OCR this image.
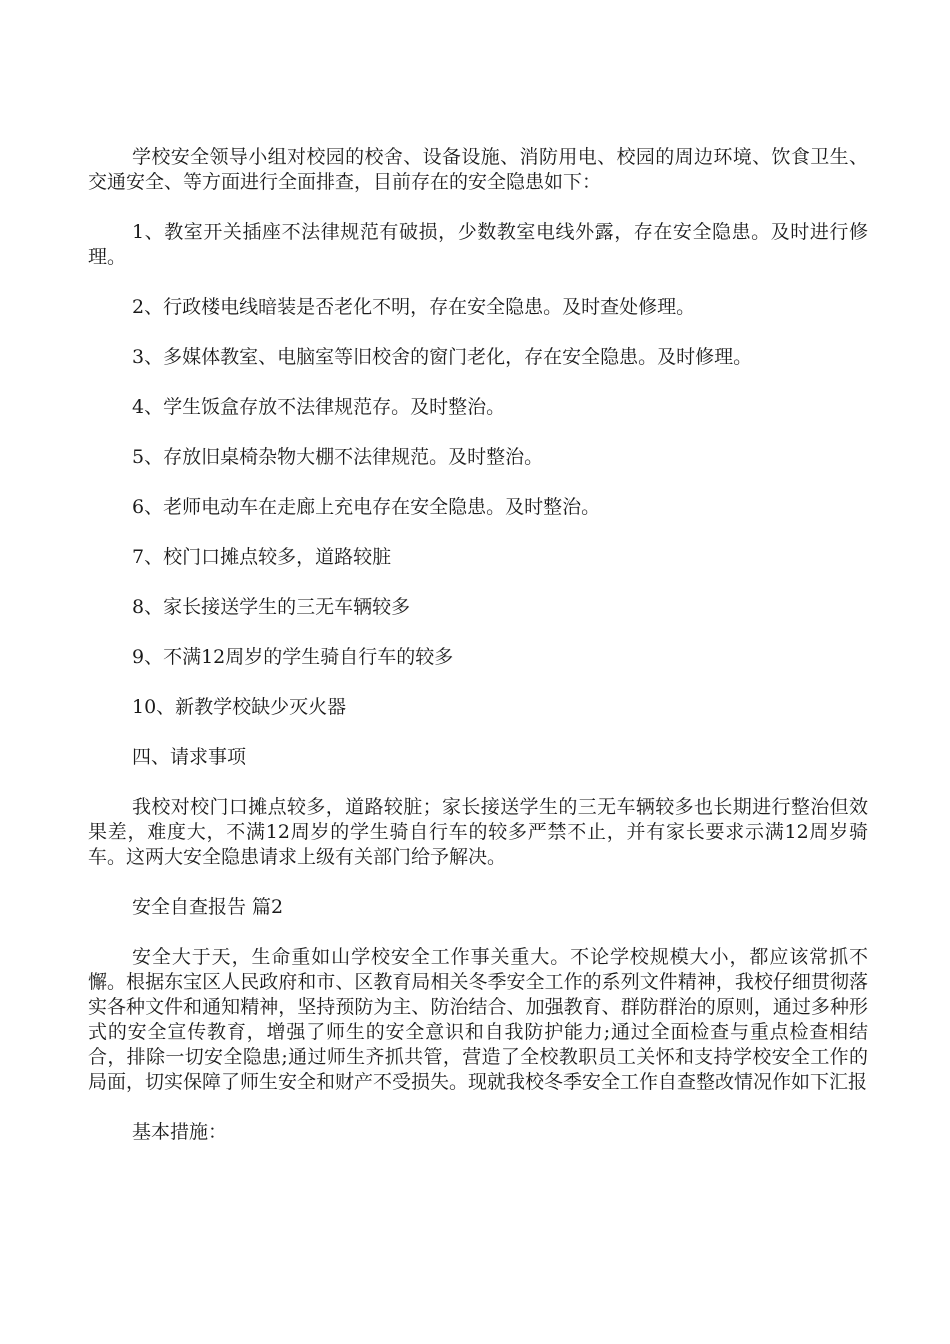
学校安全领导小组对校园的校舍、设备设施、消防用电、校园的周边环境、饮食卫生、交通安全、等方面进行全面排查，目前存在的安全隐患如下：

1、教室开关插座不法律规范有破损，少数教室电线外露，存在安全隐患。及时进行修理。

2、行政楼电线暗装是否老化不明，存在安全隐患。及时查处修理。

3、多媒体教室、电脑室等旧校舍的窗门老化，存在安全隐患。及时修理。

4、学生饭盒存放不法律规范存。及时整治。

5、存放旧桌椅杂物大棚不法律规范。及时整治。

6、老师电动车在走廊上充电存在安全隐患。及时整治。

7、校门口摊点较多，道路较脏

8、家长接送学生的三无车辆较多

9、不满12周岁的学生骑自行车的较多

10、新教学校缺少灭火器

四、请求事项

我校对校门口摊点较多，道路较脏；家长接送学生的三无车辆较多也长期进行整治但效果差，难度大，不满12周岁的学生骑自行车的较多严禁不止，并有家长要求示满12周岁骑车。这两大安全隐患请求上级有关部门给予解决。

安全自查报告 篇2

安全大于天，生命重如山学校安全工作事关重大。不论学校规模大小，都应该常抓不懈。根据东宝区人民政府和市、区教育局相关冬季安全工作的系列文件精神，我校仔细贯彻落实各种文件和通知精神，坚持预防为主、防治结合、加强教育、群防群治的原则，通过多种形式的安全宣传教育，增强了师生的安全意识和自我防护能力;通过全面检查与重点检查相结合，排除一切安全隐患;通过师生齐抓共管，营造了全校教职员工关怀和支持学校安全工作的局面，切实保障了师生安全和财产不受损失。现就我校冬季安全工作自查整改情况作如下汇报

基本措施：
